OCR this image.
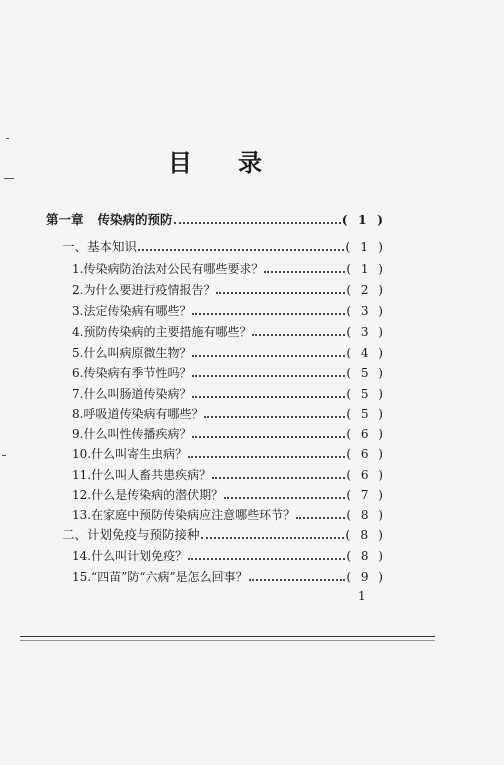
目 录
第一章 传染病的预防	( 1 )
一、基本知识	( 1 )
1.传染病防治法对公民有哪些要求？	( 1 )
2.为什么要进行疫情报告？	( 2 )
3.法定传染病有哪些？	( 3 )
4.预防传染病的主要措施有哪些？	( 3 )
5.什么叫病原微生物？	( 4 )
6.传染病有季节性吗？	( 5 )
7.什么叫肠道传染病？	( 5 )
8.呼吸道传染病有哪些？	( 5 )
9.什么叫性传播疾病？	( 6 )
10.什么叫寄生虫病？	( 6 )
11.什么叫人畜共患疾病？	( 6 )
12.什么是传染病的潜伏期？	( 7 )
13.在家庭中预防传染病应注意哪些环节？	( 8 )
二、计划免疫与预防接种	( 8 )
14.什么叫计划免疫？	( 8 )
15.“四苗”防“六病”是怎么回事？	( 9 )
1
